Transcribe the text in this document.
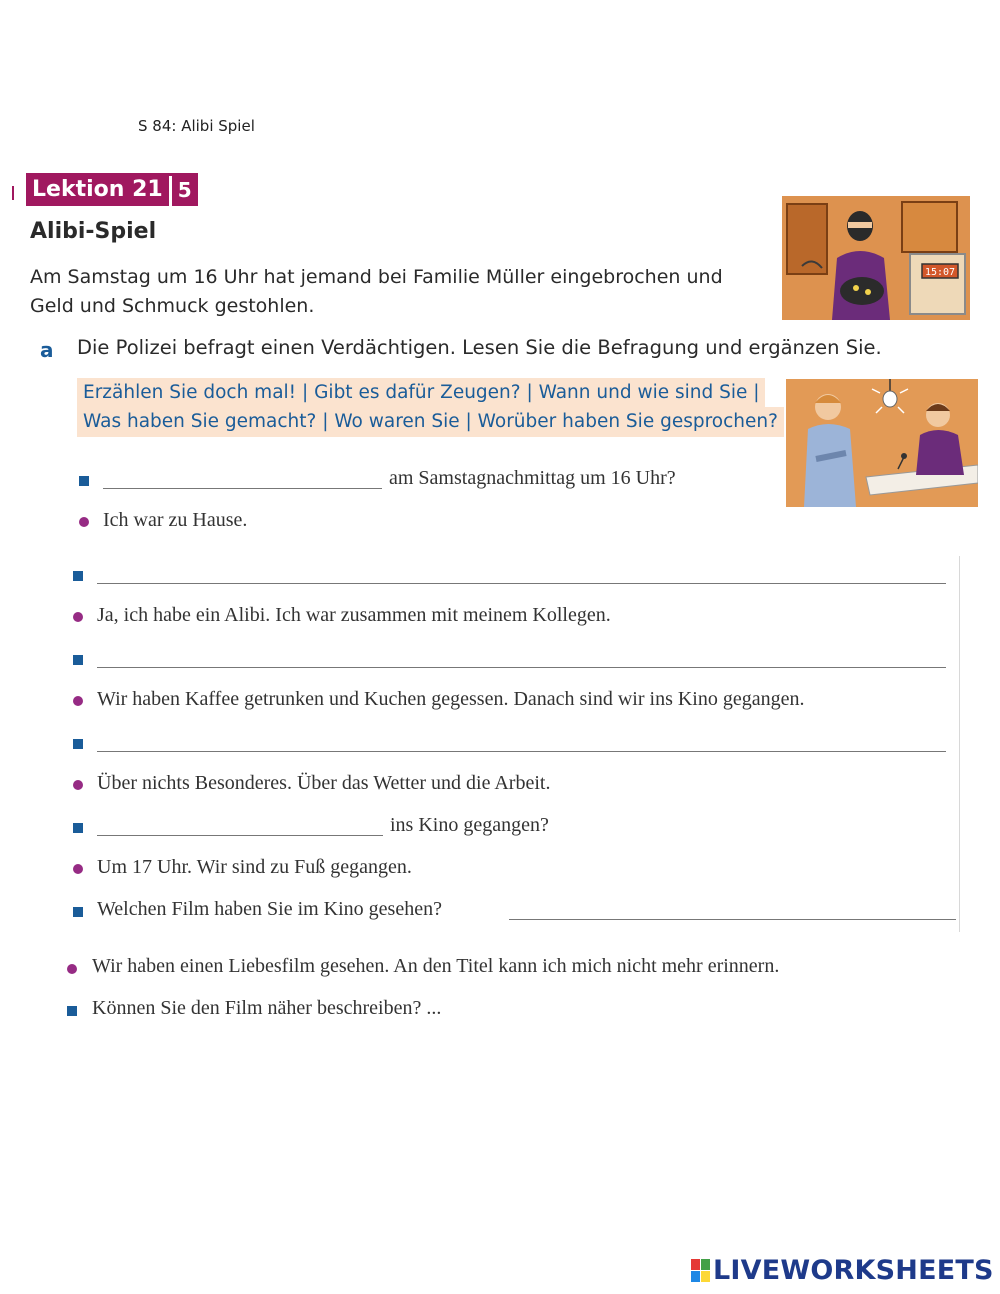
S 84: Alibi Spiel
Lektion 21 5
Alibi-Spiel
Am Samstag um 16 Uhr hat jemand bei Familie Müller eingebrochen und Geld und Schmuck gestohlen.
15:07
a Die Polizei befragt einen Verdächtigen. Lesen Sie die Befragung und ergänzen Sie.
Erzählen Sie doch mal! | Gibt es dafür Zeugen? | Wann und wie sind Sie |
Was haben Sie gemacht? | Wo waren Sie | Worüber haben Sie gesprochen?
am Samstagnachmittag um 16 Uhr?
Ich war zu Hause.
Ja, ich habe ein Alibi. Ich war zusammen mit meinem Kollegen.
Wir haben Kaffee getrunken und Kuchen gegessen. Danach sind wir ins Kino gegangen.
Über nichts Besonderes. Über das Wetter und die Arbeit.
ins Kino gegangen?
Um 17 Uhr. Wir sind zu Fuß gegangen.
Welchen Film haben Sie im Kino gesehen?
Wir haben einen Liebesfilm gesehen. An den Titel kann ich mich nicht mehr erinnern.
Können Sie den Film näher beschreiben? ...
LIVEWORKSHEETS
